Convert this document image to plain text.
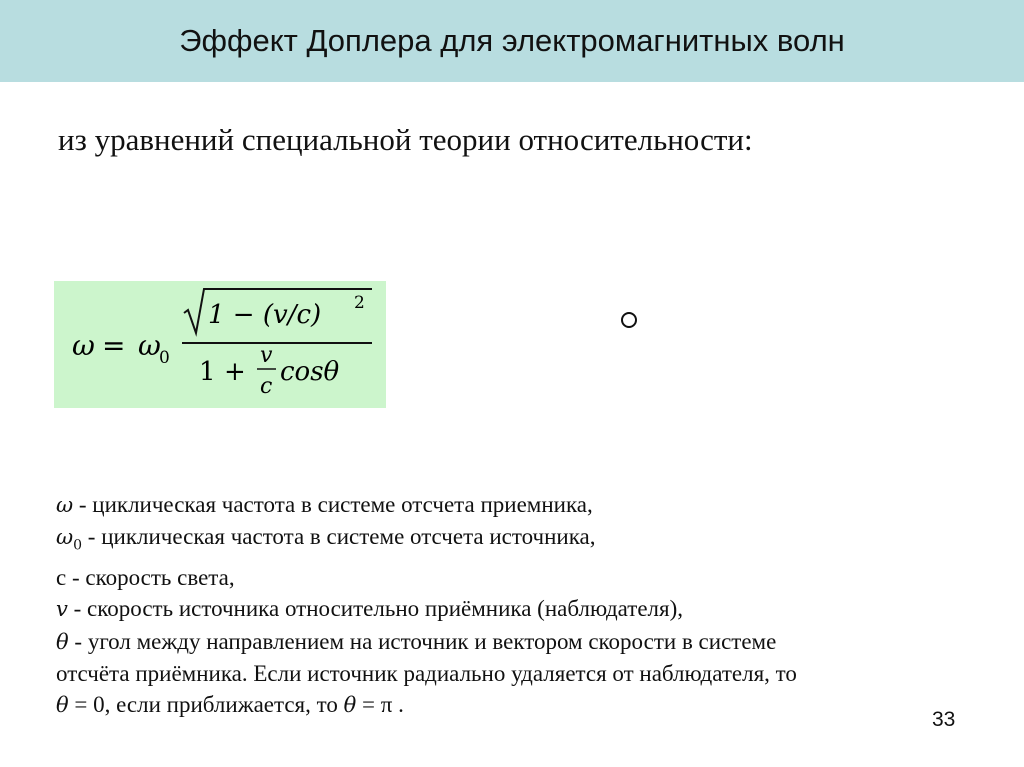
Эффект Доплера для электромагнитных волн
из уравнений специальной теории относительности:
ω = ω
0
1 − (v/c) 2
1 +
v
c cosθ
ω - циклическая частота в системе отсчета приемника,
$\omega_0$ - циклическая частота в системе отсчета источника,
с - скорость света,
v - скорость источника относительно приёмника (наблюдателя),
θ - угол между направлением на источник и вектором скорости в системе
отсчёта приёмника. Если источник радиально удаляется от наблюдателя, то
θ = 0, если приближается, то θ = π .
33
